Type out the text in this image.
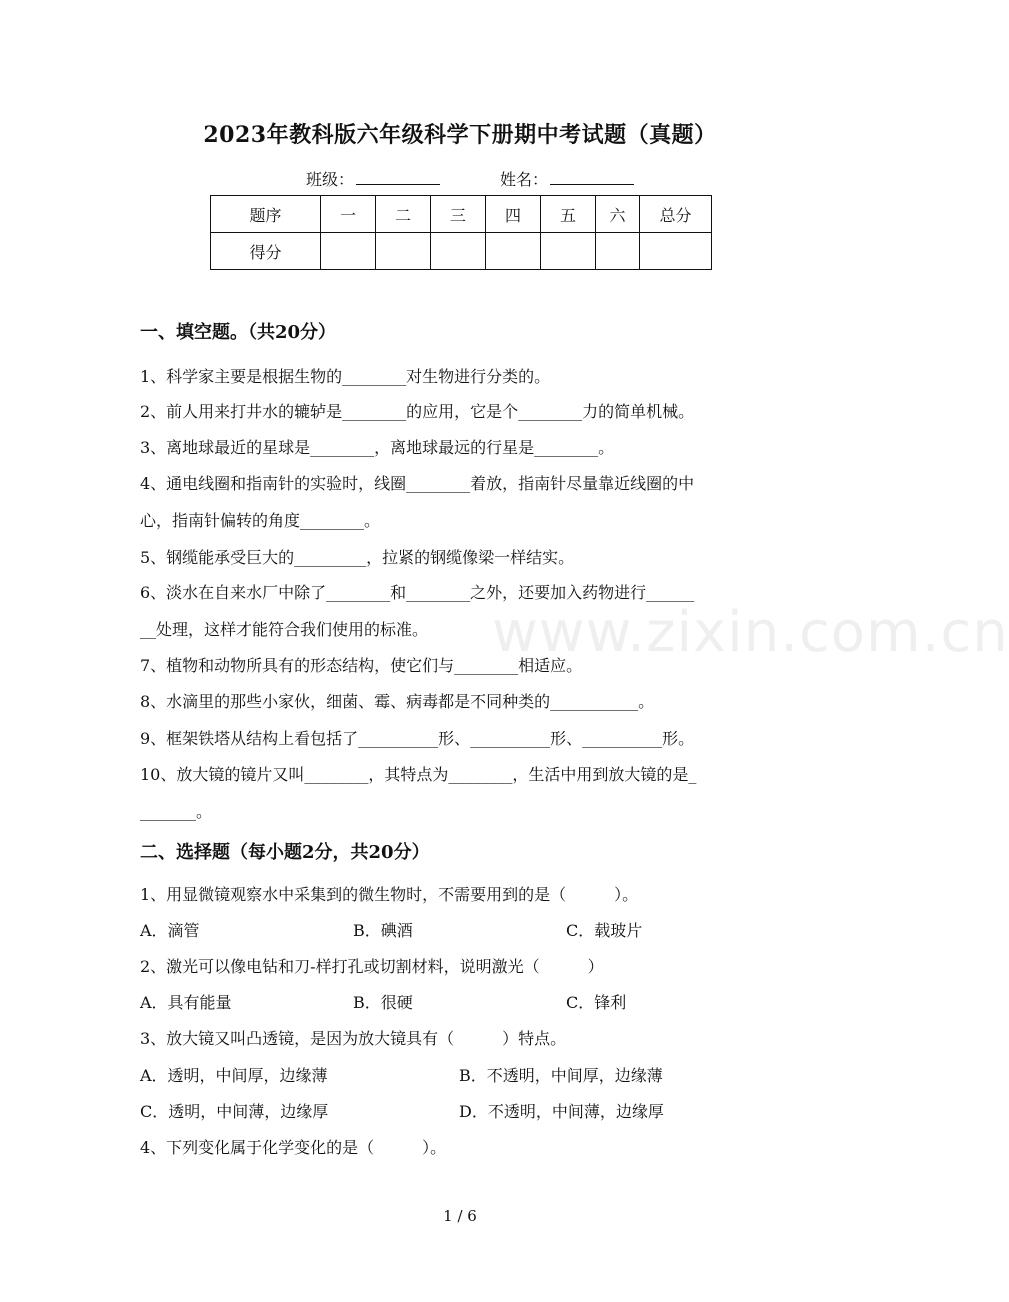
2023年教科版六年级科学下册期中考试题（真题）
班级：	姓名：
题序	一	二	三	四	五	六	总分
得分							
一、填空题。（共20分）
1、科学家主要是根据生物的________对生物进行分类的。
2、前人用来打井水的辘轳是________的应用，它是个________力的简单机械。
3、离地球最近的星球是________，离地球最远的行星是________。
4、通电线圈和指南针的实验时，线圈________着放，指南针尽量靠近线圈的中
心，指南针偏转的角度________。
5、钢缆能承受巨大的_________，拉紧的钢缆像梁一样结实。
6、淡水在自来水厂中除了________和________之外，还要加入药物进行______
__处理，这样才能符合我们使用的标准。
7、植物和动物所具有的形态结构，使它们与________相适应。
8、水滴里的那些小家伙，细菌、霉、病毒都是不同种类的___________。
9、框架铁塔从结构上看包括了__________形、__________形、__________形。
10、放大镜的镜片又叫________，其特点为________，生活中用到放大镜的是_
_______。
二、选择题（每小题2分，共20分）
1、用显微镜观察水中采集到的微生物时，不需要用到的是（　　　）。
A．滴管	B．碘酒	C．载玻片
2、激光可以像电钻和刀-样打孔或切割材料，说明激光（　　　）
A．具有能量	B．很硬	C．锋利
3、放大镜又叫凸透镜，是因为放大镜具有（　　　）特点。
A．透明，中间厚，边缘薄	B．不透明，中间厚，边缘薄
C．透明，中间薄，边缘厚	D．不透明，中间薄，边缘厚
4、下列变化属于化学变化的是（　　　）。
www.zixin.com.cn
1 / 6
